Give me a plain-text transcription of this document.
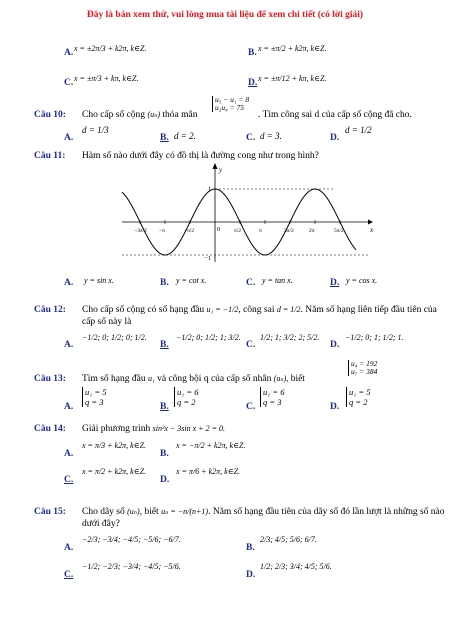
Đây là bản xem thử, vui lòng mua tài liệu để xem chi tiết (có lời giải)
x = ±2π/3 + k2π, k∈Z.
A.	x = ±π/2 + k2π, k∈Z.
B.
x = ±π/3 + kπ, k∈Z.
C.	x = ±π/12 + kπ, k∈Z.
D.
Câu 10: Cho cấp số cộng (uₙ) thỏa mãn
u₅ − u₁ = 8
u₂u₄ = 75
. Tìm công sai d của cấp số cộng đã cho.
A.
d = 1/3
B. d = 2.	C. d = 3.	D.
d = 1/2
Câu 11: Hàm số nào dưới đây có đồ thị là đường cong như trong hình?
y
x
0
1
−1
−3π/2 −π	−π/2	π/2	π	3π/2	2π	5π/2
A. y = sin x.	B. y = cot x.	C. y = tan x.	D. y = cos x.
Câu 12: Cho cấp số cộng có số hạng đầu u₁ = −1/2, công sai d = 1/2. Năm số hạng liên tiếp đầu tiên của
cấp số này là
A.
−1/2; 0; 1/2; 0; 1/2.
B.
−1/2; 0; 1/2; 1; 3/2.
C.
1/2; 1; 3/2; 2; 5/2.
D.
−1/2; 0; 1; 1/2; 1.
Câu 13: Tìm số hạng đầu u₁ và công bội q của cấp số nhân (uₙ), biết
u₄ = 192
u₇ = 384
A.
u₁ = 5
q = 3	B.
u₁ = 6
q = 2	C.
u₁ = 6
q = 3	D.
u₁ = 5
q = 2
Câu 14: Giải phương trình sin²x − 3sin x + 2 = 0.
A.
x = π/3 + k2π, k∈Z.
B.
x = −π/2 + k2π, k∈Z.
C.
x = π/2 + k2π, k∈Z.
D.
x = π/6 + k2π, k∈Z.
Câu 15: Cho dãy số (uₙ), biết uₙ = −n/(n+1). Năm số hạng đầu tiên của dãy số đó lần lượt là những số nào
dưới đây?
A.
−2/3; −3/4; −4/5; −5/6; −6/7.
B.
2/3; 4/5; 5/6; 6/7.
C.
−1/2; −2/3; −3/4; −4/5; −5/6.
D.
1/2; 2/3; 3/4; 4/5; 5/6.
